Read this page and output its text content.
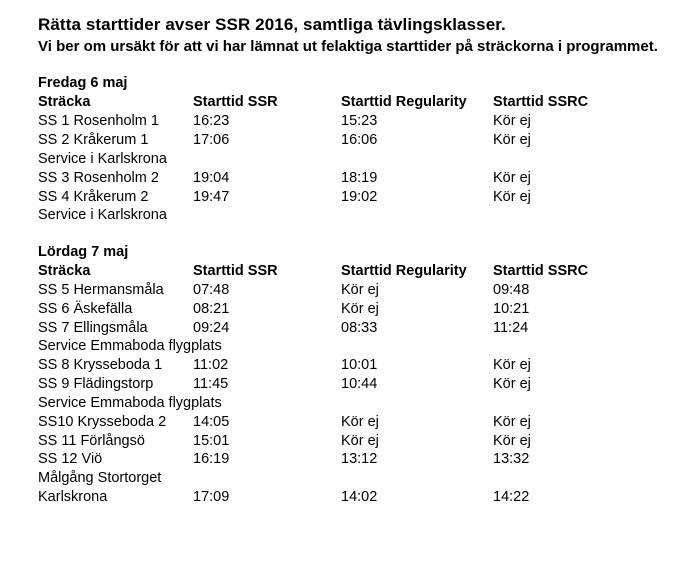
Rätta starttider avser SSR 2016, samtliga tävlingsklasser.

Vi ber om ursäkt för att vi har lämnat ut felaktiga starttider på sträckorna i programmet.

Fredag 6 maj
Sträcka	Starttid SSR	Starttid Regularity	Starttid SSRC
SS 1 Rosenholm 1	16:23	15:23	Kör ej
SS 2 Kråkerum 1	17:06	16:06	Kör ej
Service i Karlskrona			
SS 3 Rosenholm 2	19:04	18:19	Kör ej
SS 4 Kråkerum 2	19:47	19:02	Kör ej
Service i Karlskrona			
Lördag 7 maj
Sträcka	Starttid SSR	Starttid Regularity	Starttid SSRC
SS 5 Hermansmåla	07:48	Kör ej	09:48
SS 6 Äskefälla	08:21	Kör ej	10:21
SS 7 Ellingsmåla	09:24	08:33	11:24
Service Emmaboda flygplats			
SS 8 Krysseboda 1	11:02	10:01	Kör ej
SS 9 Flädingstorp	11:45	10:44	Kör ej
Service Emmaboda flygplats			
SS10 Krysseboda 2	14:05	Kör ej	Kör ej
SS 11 Förlångsö	15:01	Kör ej	Kör ej
SS 12 Viö	16:19	13:12	13:32
Målgång Stortorget			
Karlskrona	17:09	14:02	14:22
